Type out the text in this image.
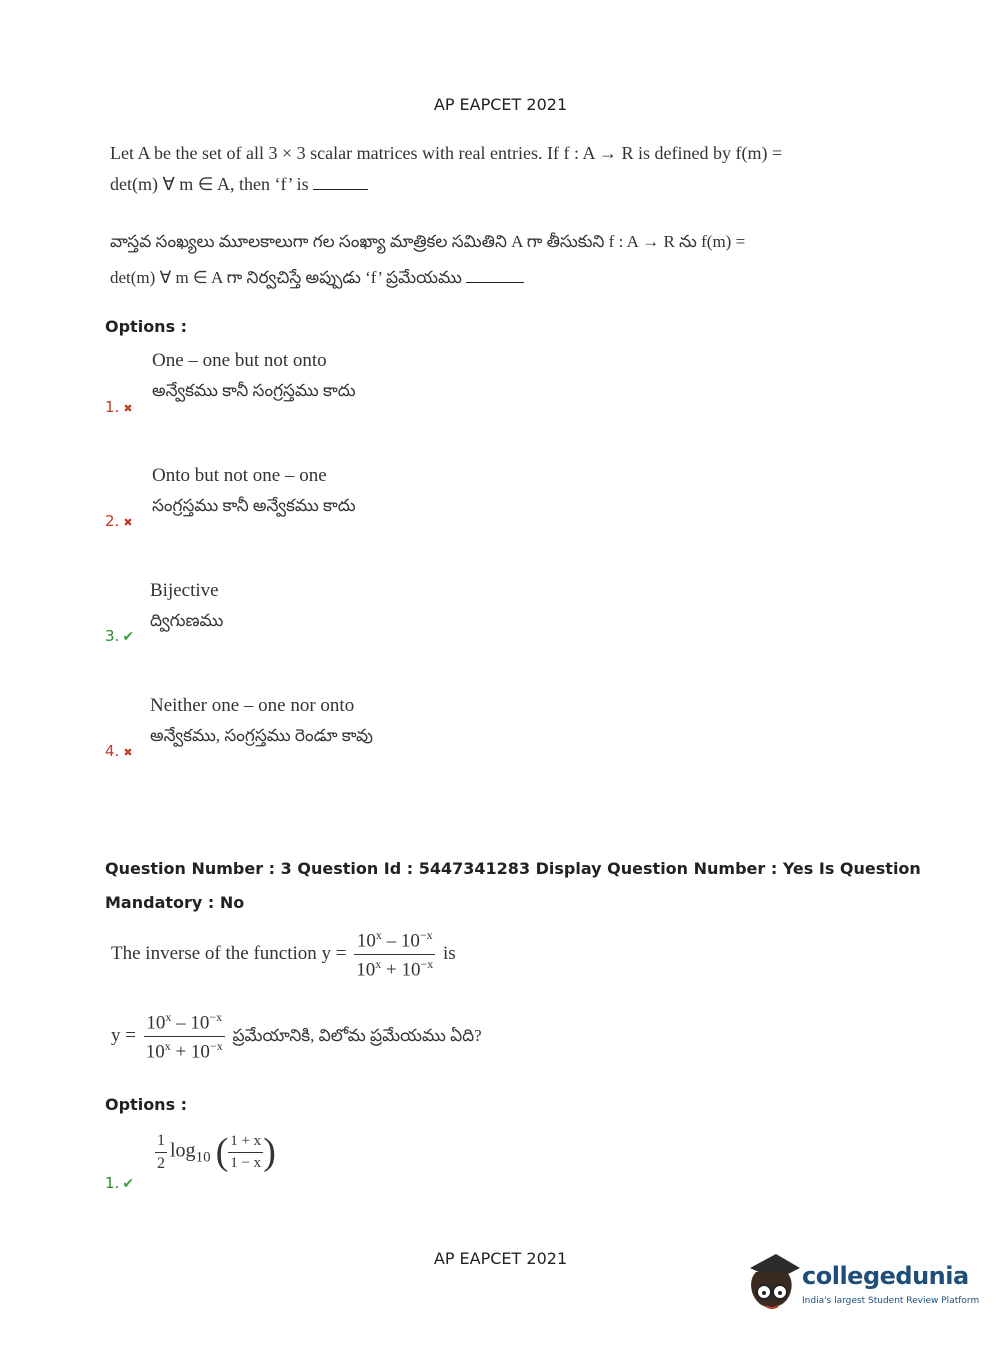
AP EAPCET 2021
Let A be the set of all 3 × 3 scalar matrices with real entries. If f : A → R is defined by f(m) =
det(m) ∀ m ∈ A, then ‘f’ is
వాస్తవ సంఖ్యలు మూలకాలుగా గల సంఖ్యా మాత్రికల సమితిని A గా తీసుకుని f : A → R ను f(m) =
det(m) ∀ m ∈ A గా నిర్వచిస్తే అప్పుడు ‘f’ ప్రమేయము
Options :
One – one but not onto
అన్వేకము కానీ సంగ్రస్తము కాదు
1. ✖
Onto but not one – one
సంగ్రస్తము కానీ అన్వేకము కాదు
2. ✖
Bijective
ద్విగుణము
3. ✔
Neither one – one nor onto
అన్వేకము, సంగ్రస్తము రెండూ కావు
4. ✖
Question Number : 3 Question Id : 5447341283 Display Question Number : Yes Is Question
Mandatory : No
The inverse of the function $y = \frac{10^x - 10^{-x}}{10^x + 10^{-x}}$ is
$y = \frac{10^x - 10^{-x}}{10^x + 10^{-x}}$ ప్రమేయానికి, విలోమ ప్రమేయము ఏది?
Options :
$\frac{1}{2} \log_{10}$ ( $\frac{1 + x}{1 - x}$ )
1. ✔
AP EAPCET 2021
collegedunia
India's largest Student Review Platform
